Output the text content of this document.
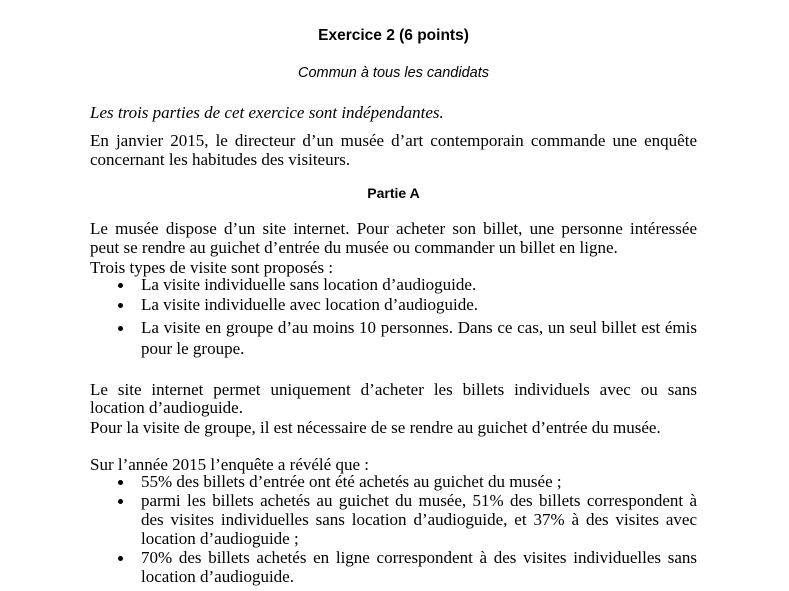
Exercice 2 (6 points)
Commun à tous les candidats
Les trois parties de cet exercice sont indépendantes.
En janvier 2015, le directeur d’un musée d’art contemporain commande une enquête
concernant les habitudes des visiteurs.
Partie A
Le musée dispose d’un site internet. Pour acheter son billet, une personne intéressée
peut se rendre au guichet d’entrée du musée ou commander un billet en ligne.
Trois types de visite sont proposés :
La visite individuelle sans location d’audioguide.
La visite individuelle avec location d’audioguide.
La visite en groupe d’au moins 10 personnes. Dans ce cas, un seul billet est émis
pour le groupe.
Le site internet permet uniquement d’acheter les billets individuels avec ou sans
location d’audioguide.
Pour la visite de groupe, il est nécessaire de se rendre au guichet d’entrée du musée.
Sur l’année 2015 l’enquête a révélé que :
55% des billets d’entrée ont été achetés au guichet du musée ;
parmi les billets achetés au guichet du musée, 51% des billets correspondent à
des visites individuelles sans location d’audioguide, et 37% à des visites avec
location d’audioguide ;
70% des billets achetés en ligne correspondent à des visites individuelles sans
location d’audioguide.
